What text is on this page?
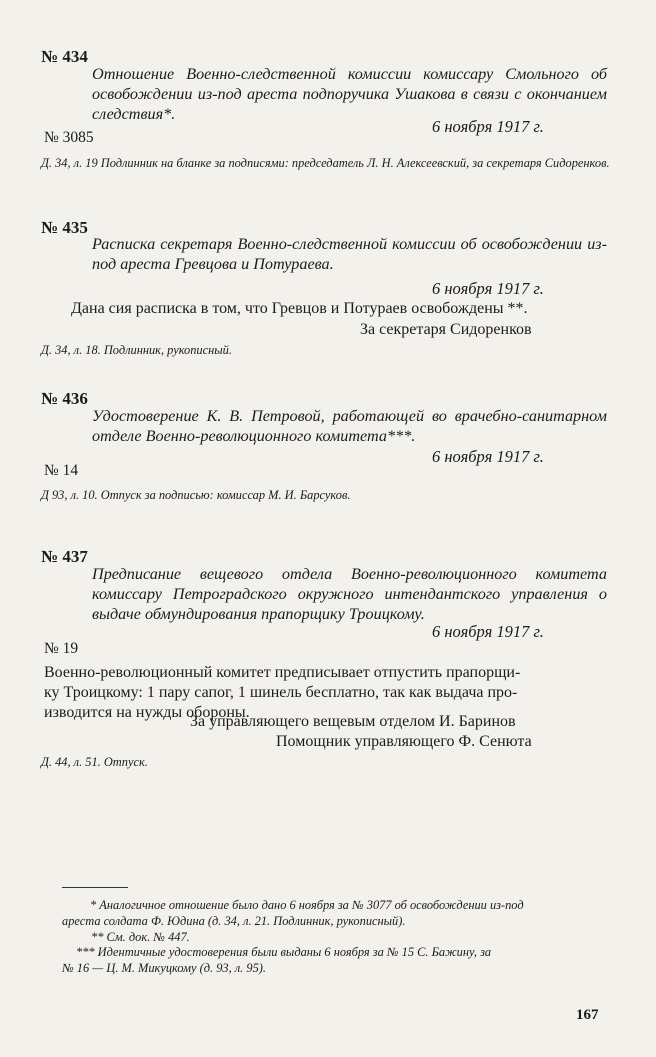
№ 434
Отношение Военно-следственной комиссии комиссару Смольного об освобождении из-под ареста подпоручика Ушакова в связи с окончанием следствия*.
6 ноября 1917 г.
№ 3085
Д. 34, л. 19 Подлинник на бланке за подписями: председатель Л. Н. Алексеевский, за секретаря Сидоренков.
№ 435
Расписка секретаря Военно-следственной комиссии об освобождении из-под ареста Гревцова и Потураева.
6 ноября 1917 г.
Дана сия расписка в том, что Гревцов и Потураев освобождены **.
За секретаря Сидоренков
Д. 34, л. 18. Подлинник, рукописный.
№ 436
Удостоверение К. В. Петровой, работающей во врачебно-санитарном отделе Военно-революционного комитета***.
6 ноября 1917 г.
№ 14
Д 93, л. 10. Отпуск за подписью: комиссар М. И. Барсуков.
№ 437
Предписание вещевого отдела Военно-революционного комитета комиссару Петроградского окружного интендантского управления о выдаче обмундирования прапорщику Троицкому.
6 ноября 1917 г.
№ 19
Военно-революционный комитет предписывает отпустить прапорщи-
ку Троицкому: 1 пару сапог, 1 шинель бесплатно, так как выдача про-
изводится на нужды обороны.
За управляющего вещевым отделом И. Баринов
Помощник управляющего Ф. Сенюта
Д. 44, л. 51. Отпуск.
* Аналогичное отношение было дано 6 ноября за № 3077 об освобождении из-под
ареста солдата Ф. Юдина (д. 34, л. 21. Подлинник, рукописный).
** См. док. № 447.
*** Идентичные удостоверения были выданы 6 ноября за № 15 С. Бажину, за
№ 16 — Ц. М. Микуцкому (д. 93, л. 95).
167
